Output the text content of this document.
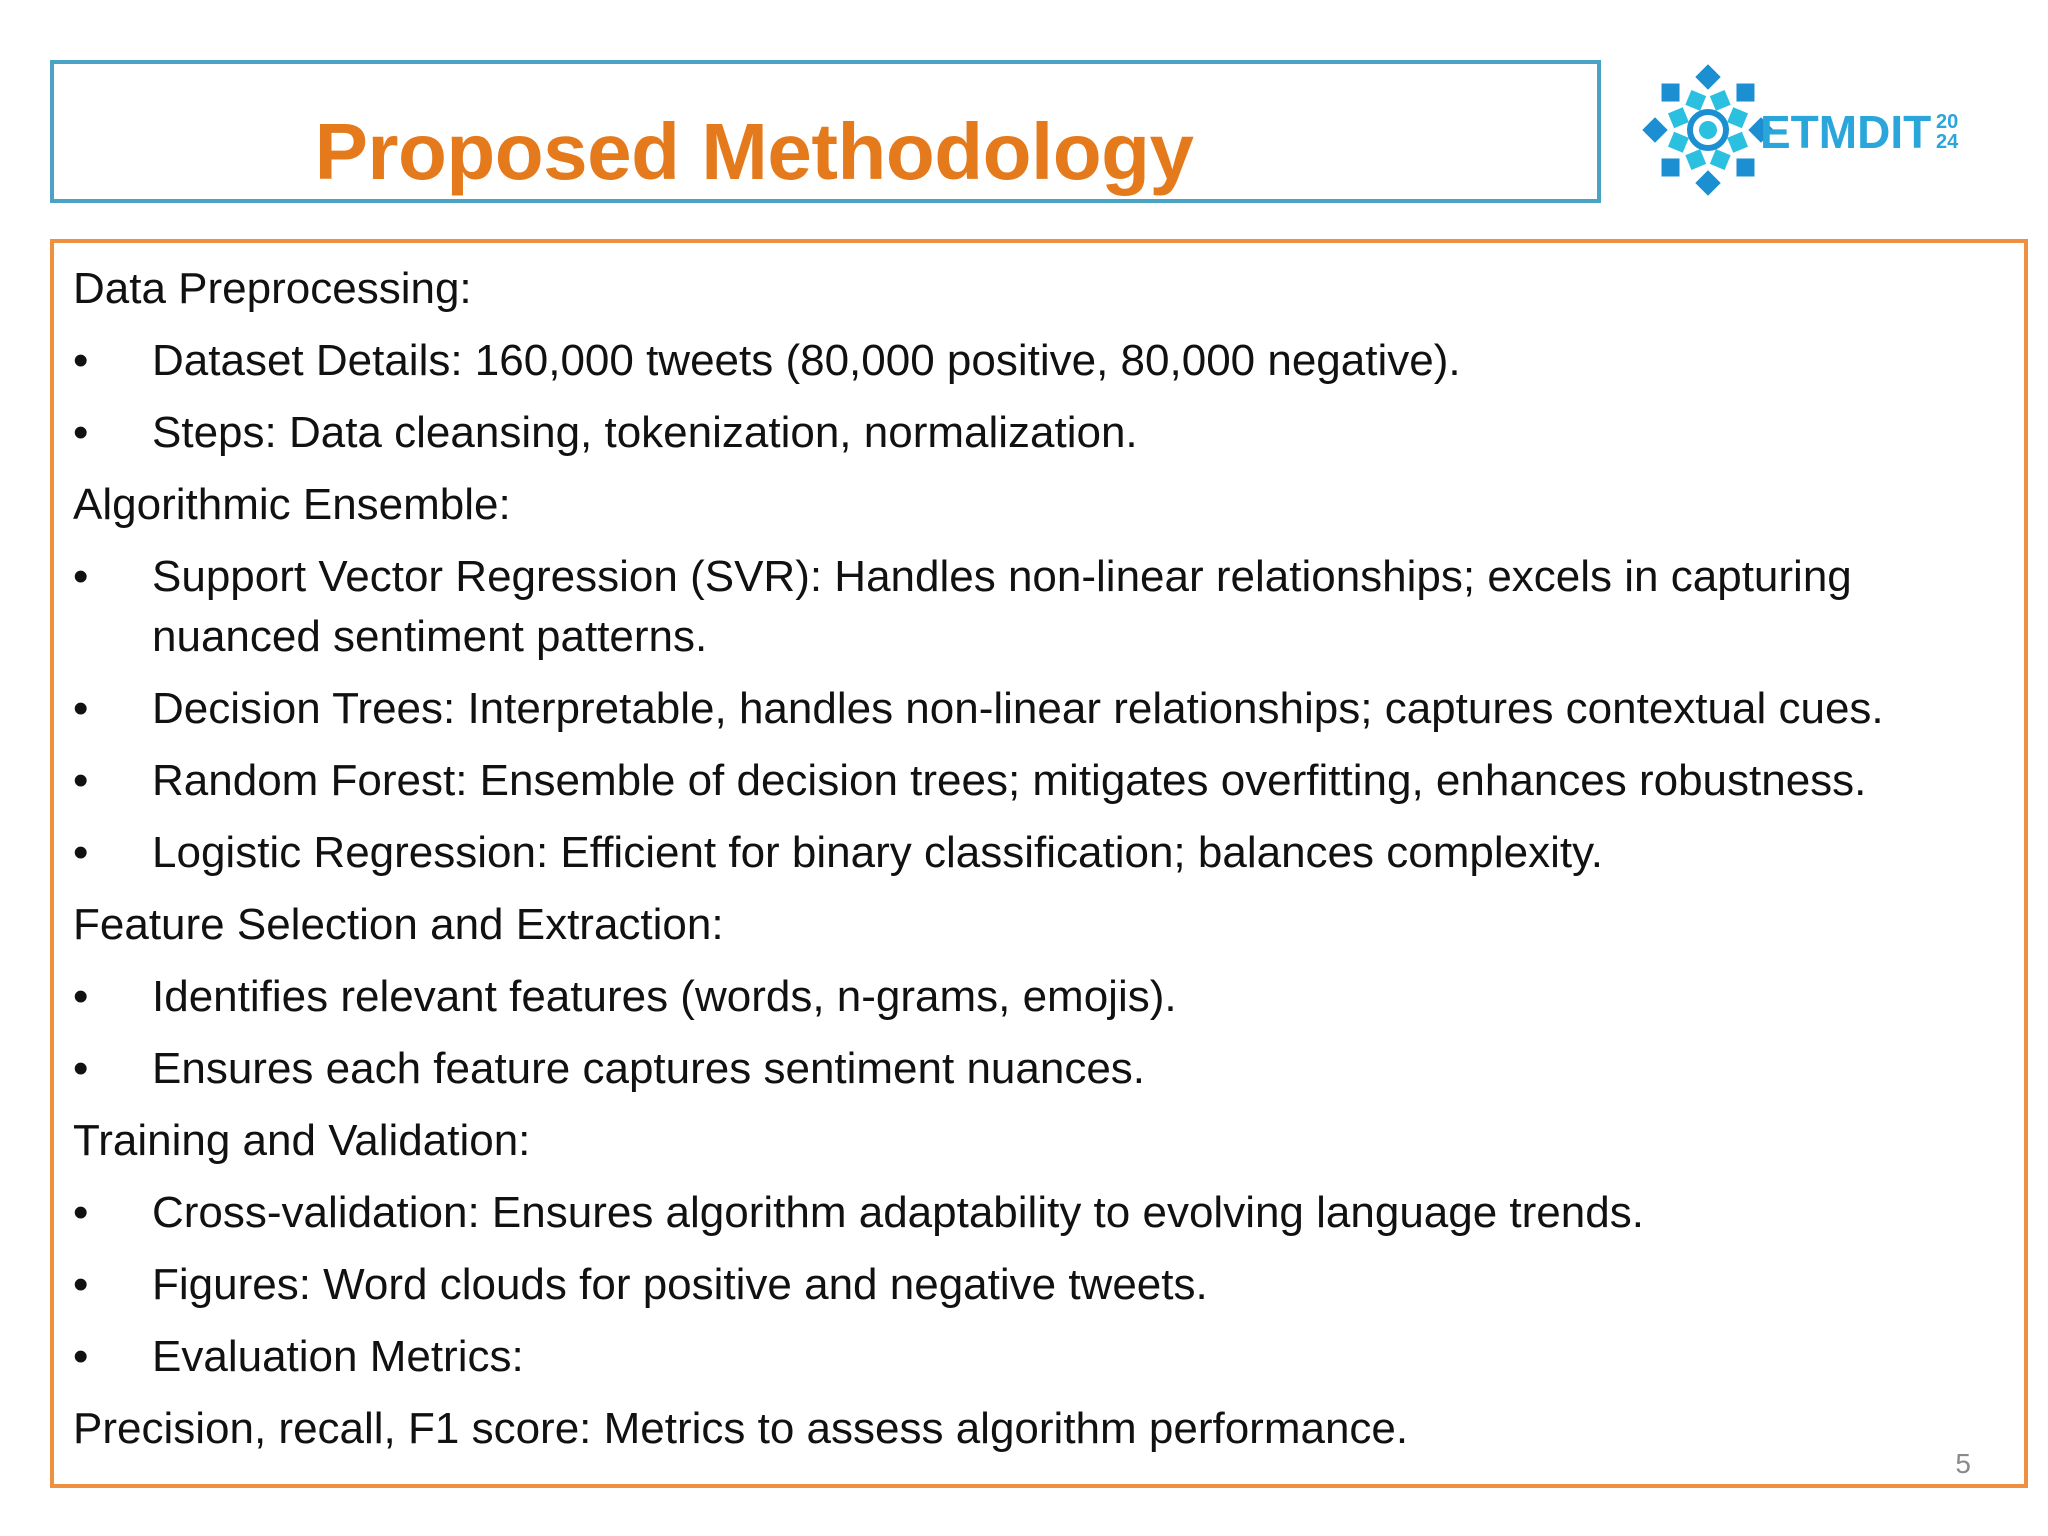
Proposed Methodology	ETMDIT 20
24
Data Preprocessing:
•	Dataset Details: 160,000 tweets (80,000 positive, 80,000 negative).
•	Steps: Data cleansing, tokenization, normalization.
Algorithmic Ensemble:
•	Support Vector Regression (SVR): Handles non-linear relationships; excels in capturing nuanced sentiment patterns.
•	Decision Trees: Interpretable, handles non-linear relationships; captures contextual cues.
•	Random Forest: Ensemble of decision trees; mitigates overfitting, enhances robustness.
•	Logistic Regression: Efficient for binary classification; balances complexity.
Feature Selection and Extraction:
•	Identifies relevant features (words, n-grams, emojis).
•	Ensures each feature captures sentiment nuances.
Training and Validation:
•	Cross-validation: Ensures algorithm adaptability to evolving language trends.
•	Figures: Word clouds for positive and negative tweets.
•	Evaluation Metrics:
Precision, recall, F1 score: Metrics to assess algorithm performance.
5
